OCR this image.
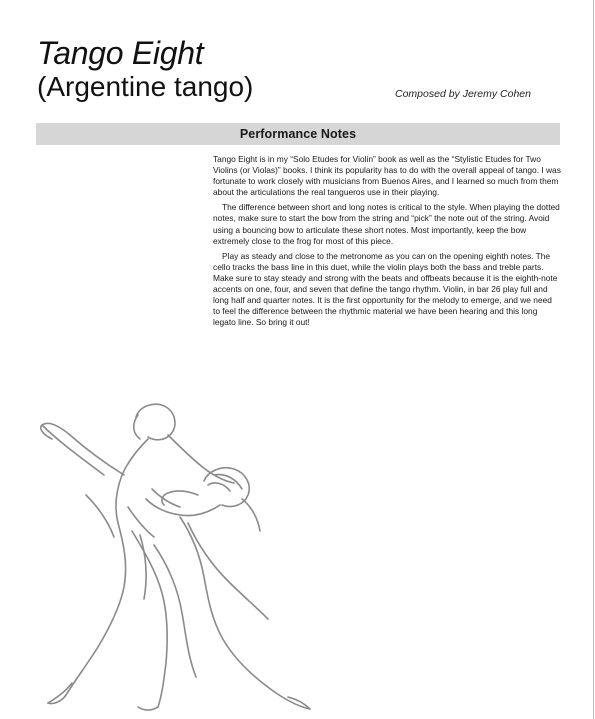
Tango Eight
(Argentine tango)	Composed by Jeremy Cohen
Performance Notes

Tango Eight is in my “Solo Etudes for Violin” book as well as the “Stylistic Etudes for Two Violins (or Violas)” books. I think its popularity has to do with the overall appeal of tango. I was fortunate to work closely with musicians from Buenos Aires, and I learned so much from them about the articulations the real tangueros use in their playing.

The difference between short and long notes is critical to the style. When playing the dotted notes, make sure to start the bow from the string and “pick” the note out of the string. Avoid using a bouncing bow to articulate these short notes. Most importantly, keep the bow extremely close to the frog for most of this piece.

Play as steady and close to the metronome as you can on the opening eighth notes. The cello tracks the bass line in this duet, while the violin plays both the bass and treble parts. Make sure to stay steady and strong with the beats and offbeats because it is the eighth-note accents on one, four, and seven that define the tango rhythm. Violin, in bar 26 play full and long half and quarter notes. It is the first opportunity for the melody to emerge, and we need to feel the difference between the rhythmic material we have been hearing and this long legato line. So bring it out!
